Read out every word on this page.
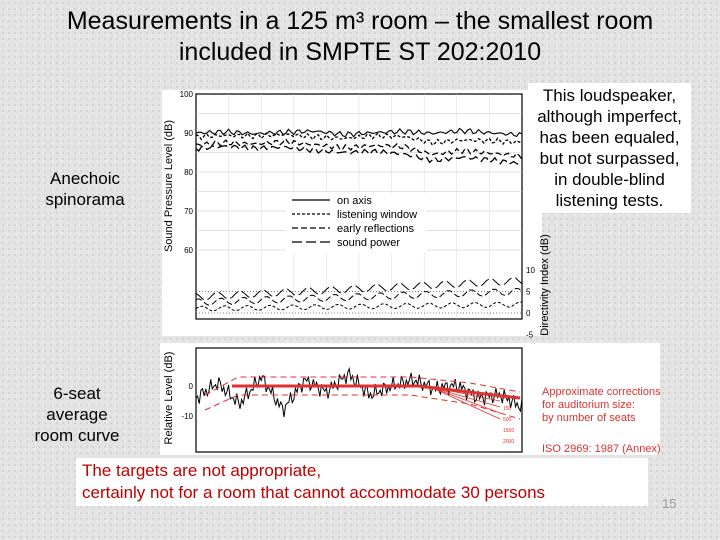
Measurements in a 125 m³ room – the smallest room
included in SMPTE ST 202:2010
Anechoic
spinorama
6-seat
average
room curve
Sound Pressure Level (dB)
100
90
80
70
60
10
5
0
-5 Directivity Index (dB)
on axis
listening window
early reflections
sound power
Relative Level (dB) 0
-10
20
150
500
1500
2000
Approximate corrections
for auditorium size:
by number of seats
ISO 2969: 1987 (Annex)
This loudspeaker,
although imperfect,
has been equaled,
but not surpassed,
in double-blind
listening tests.
The targets are not appropriate,
certainly not for a room that cannot accommodate 30 persons
15
